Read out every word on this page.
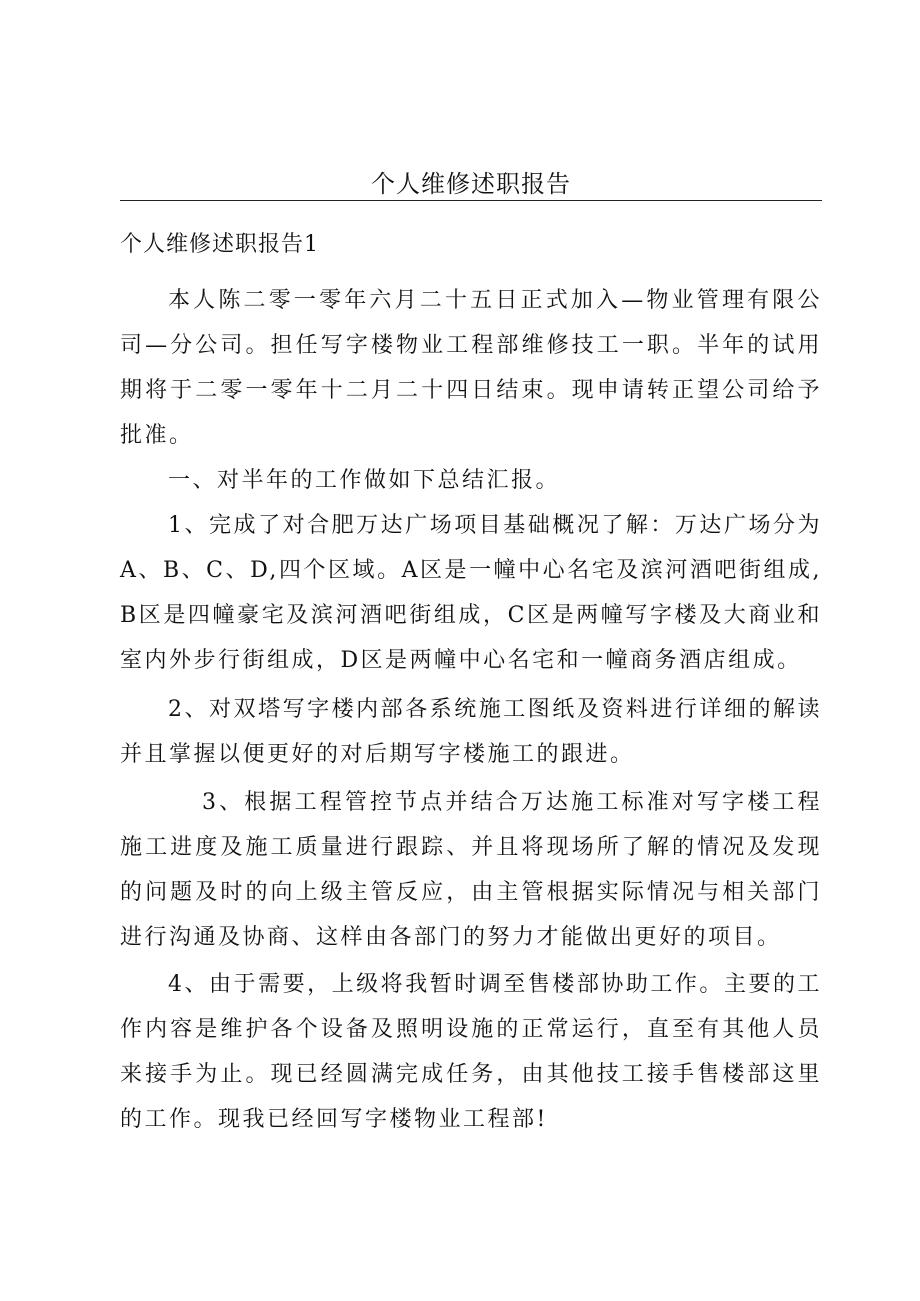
个人维修述职报告
个人维修述职报告1

本人陈二零一零年六月二十五日正式加入—物业管理有限公司—分公司。担任写字楼物业工程部维修技工一职。半年的试用期将于二零一零年十二月二十四日结束。现申请转正望公司给予批准。

一、对半年的工作做如下总结汇报。

1、完成了对合肥万达广场项目基础概况了解：万达广场分为A、B、C、D,四个区域。A区是一幢中心名宅及滨河酒吧街组成,B区是四幢豪宅及滨河酒吧街组成，C区是两幢写字楼及大商业和室内外步行街组成，D区是两幢中心名宅和一幢商务酒店组成。

2、对双塔写字楼内部各系统施工图纸及资料进行详细的解读并且掌握以便更好的对后期写字楼施工的跟进。

3、根据工程管控节点并结合万达施工标准对写字楼工程施工进度及施工质量进行跟踪、并且将现场所了解的情况及发现的问题及时的向上级主管反应，由主管根据实际情况与相关部门进行沟通及协商、这样由各部门的努力才能做出更好的项目。

4、由于需要，上级将我暂时调至售楼部协助工作。主要的工作内容是维护各个设备及照明设施的正常运行，直至有其他人员来接手为止。现已经圆满完成任务，由其他技工接手售楼部这里的工作。现我已经回写字楼物业工程部!
